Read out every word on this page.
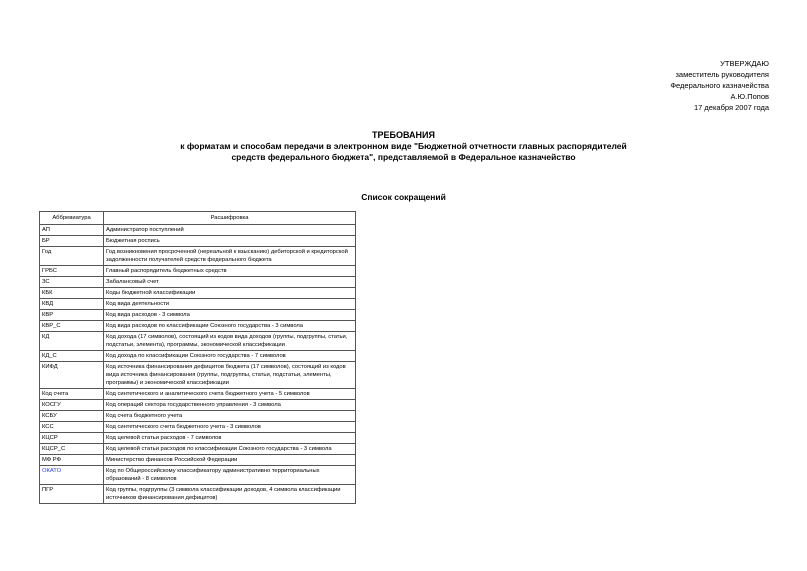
УТВЕРЖДАЮ
заместитель руководителя
Федерального казначейства
А.Ю.Попов
17 декабря 2007 года
ТРЕБОВАНИЯ
к форматам и способам передачи в электронном виде "Бюджетной отчетности главных распорядителей
средств федерального бюджета", представляемой в Федеральное казначейство
Список сокращений
Аббревиатура	Расшифровка
АП	Администратор поступлений
БР	Бюджетная роспись
Год	Год возникновения просроченной (нереальной к взысканию) дебиторской и кредиторской задолженности получателей средств федерального бюджета
ГРБС	Главный распорядитель бюджетных средств
ЗС	Забалансовый счет
КБК	Коды бюджетной классификации
КВД	Код вида деятельности
КВР	Код вида расходов - 3 символа
КВР_С	Код вида расходов по классификации Союзного государства - 3 символа
КД	Код дохода (17 символов), состоящий из кодов вида доходов (группы, подгруппы, статьи, подстатьи, элемента), программы, экономической классификации
КД_С	Код дохода по классификации Союзного государства - 7 символов
КИФД	Код источника финансирования дефицитов бюджета (17 символов), состоящий из кодов вида источника финансирования (группы, подгруппы, статьи, подстатьи, элементы, программы) и экономической классификации
Код счета	Код синтетического и аналитического счета бюджетного учета - 5 символов
КОСГУ	Код операций сектора государственного управления - 3 символа
КСБУ	Код счета бюджетного учета
КСС	Код синтетического счета бюджетного учета - 3 символов
КЦСР	Код целевой статьи расходов - 7 символов
КЦСР_С	Код целевой статьи расходов по классификации Союзного государства - 3 символа
МФ РФ	Министерство финансов Российской Федерации
ОКАТО	Код по Общероссийскому классификатору административно территориальных образований - 8 символов
ПГР	Код группы, подгруппы (3 символа классификации доходов, 4 символа классификации источников финансирования дефицитов)
